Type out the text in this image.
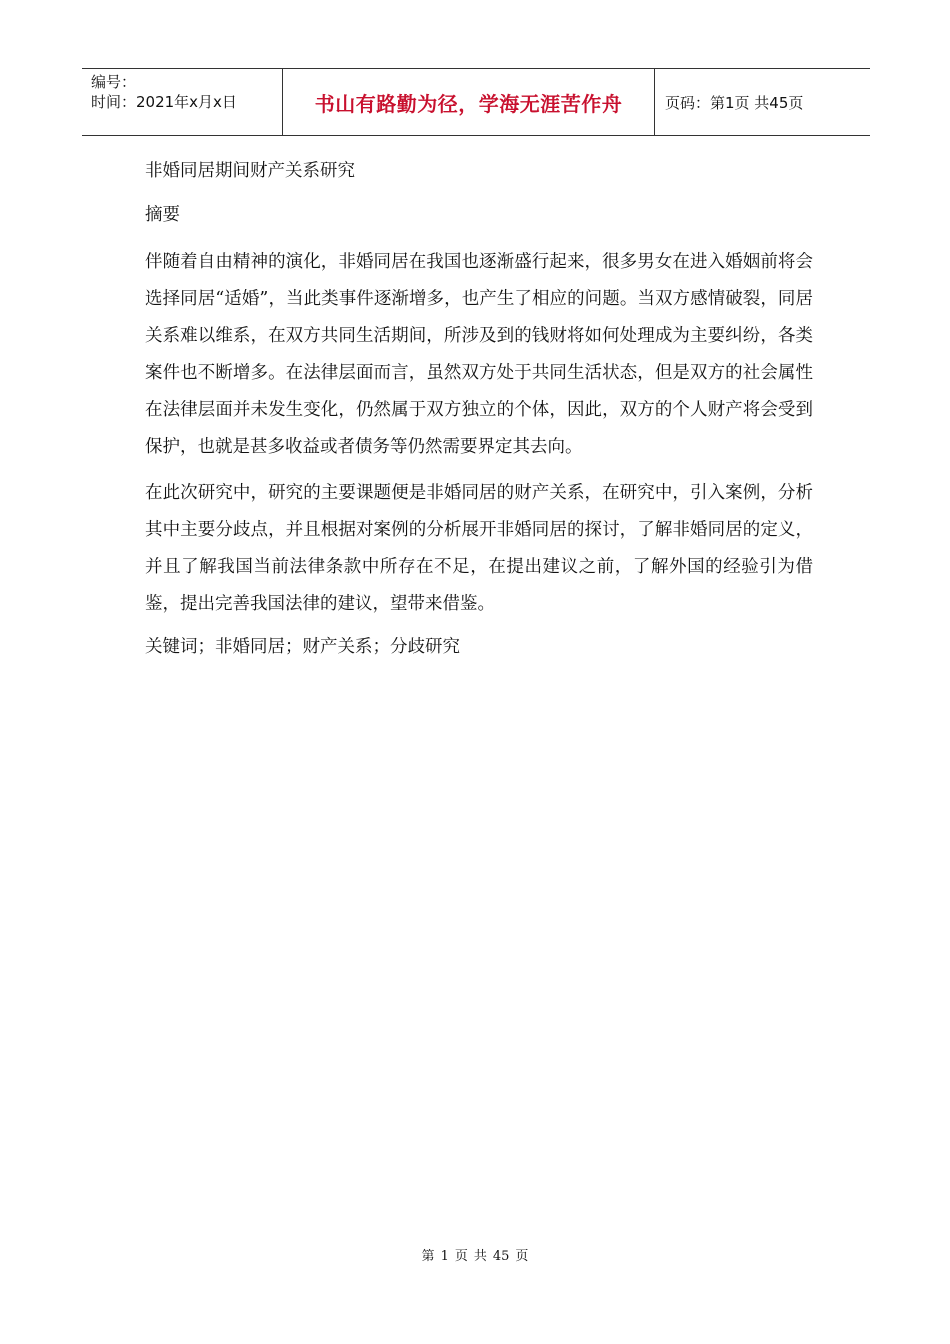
编号：
时间：2021年x月x日	书山有路勤为径，学海无涯苦作舟	页码：第1页 共45页

非婚同居期间财产关系研究

摘要

伴随着自由精神的演化，非婚同居在我国也逐渐盛行起来，很多男女在进入婚姻前将会选择同居“适婚”，当此类事件逐渐增多，也产生了相应的问题。当双方感情破裂，同居关系难以维系，在双方共同生活期间，所涉及到的钱财将如何处理成为主要纠纷，各类案件也不断增多。在法律层面而言，虽然双方处于共同生活状态，但是双方的社会属性在法律层面并未发生变化，仍然属于双方独立的个体，因此，双方的个人财产将会受到保护，也就是甚多收益或者债务等仍然需要界定其去向。

在此次研究中，研究的主要课题便是非婚同居的财产关系，在研究中，引入案例，分析其中主要分歧点，并且根据对案例的分析展开非婚同居的探讨，了解非婚同居的定义，并且了解我国当前法律条款中所存在不足，在提出建议之前，了解外国的经验引为借鉴，提出完善我国法律的建议，望带来借鉴。

关键词；非婚同居；财产关系；分歧研究

第 1 页 共 45 页
